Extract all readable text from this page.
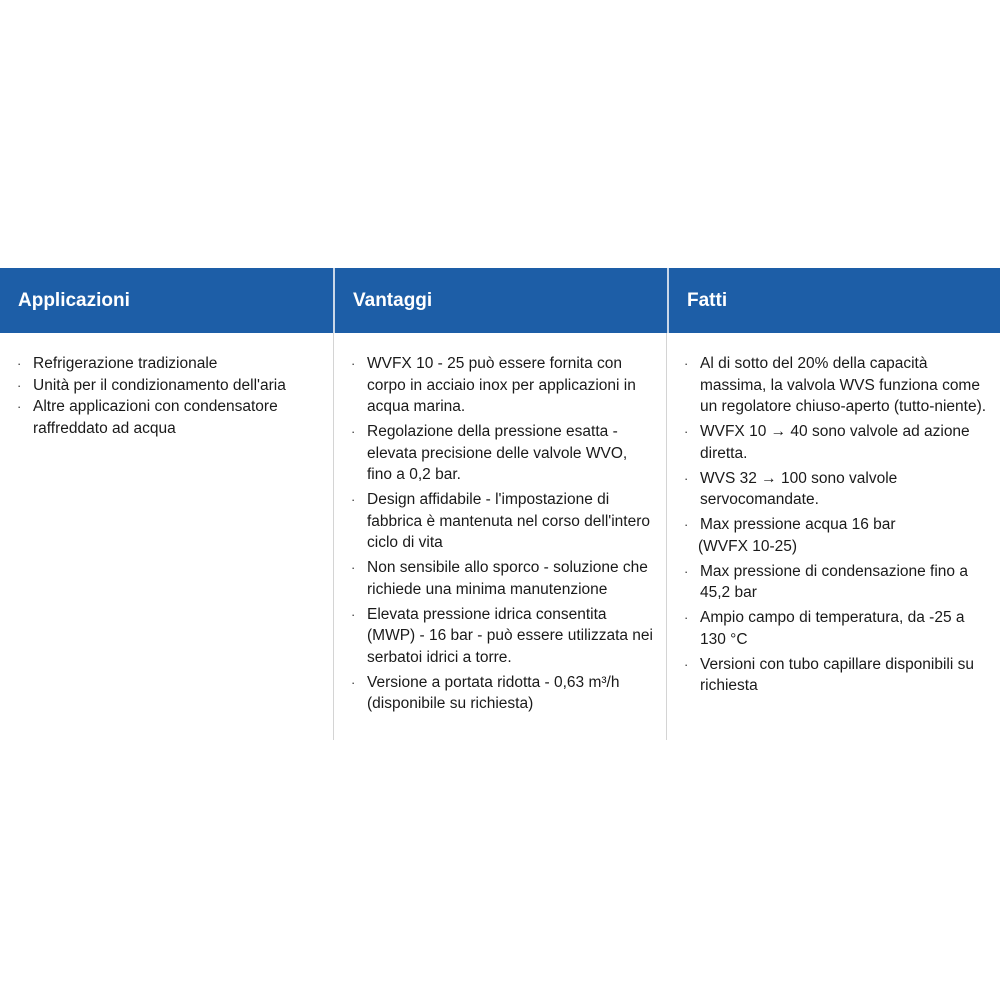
Applicazioni	Vantaggi	Fatti
· Refrigerazione tradizionale
· Unità per il condizionamento dell'aria
· Altre applicazioni con condensatore raffreddato ad acqua
· WVFX 10 - 25 può essere fornita con corpo in acciaio inox per applicazioni in acqua marina.
· Regolazione della pressione esatta - elevata precisione delle valvole WVO, fino a 0,2 bar.
· Design affidabile - l'impostazione di fabbrica è mantenuta nel corso dell'intero ciclo di vita
· Non sensibile allo sporco - soluzione che richiede una minima manutenzione
· Elevata pressione idrica consentita (MWP) - 16 bar - può essere utilizzata nei serbatoi idrici a torre.
· Versione a portata ridotta - 0,63 m³/h (disponibile su richiesta)
· Al di sotto del 20% della capacità massima, la valvola WVS funziona come un regolatore chiuso-aperto (tutto-niente).
· WVFX 10 → 40 sono valvole ad azione diretta.
· WVS 32 → 100 sono valvole servocomandate.
· Max pressione acqua 16 bar
(WVFX 10-25)
· Max pressione di condensazione fino a 45,2 bar
· Ampio campo di temperatura, da -25 a 130 °C
· Versioni con tubo capillare disponibili su richiesta
